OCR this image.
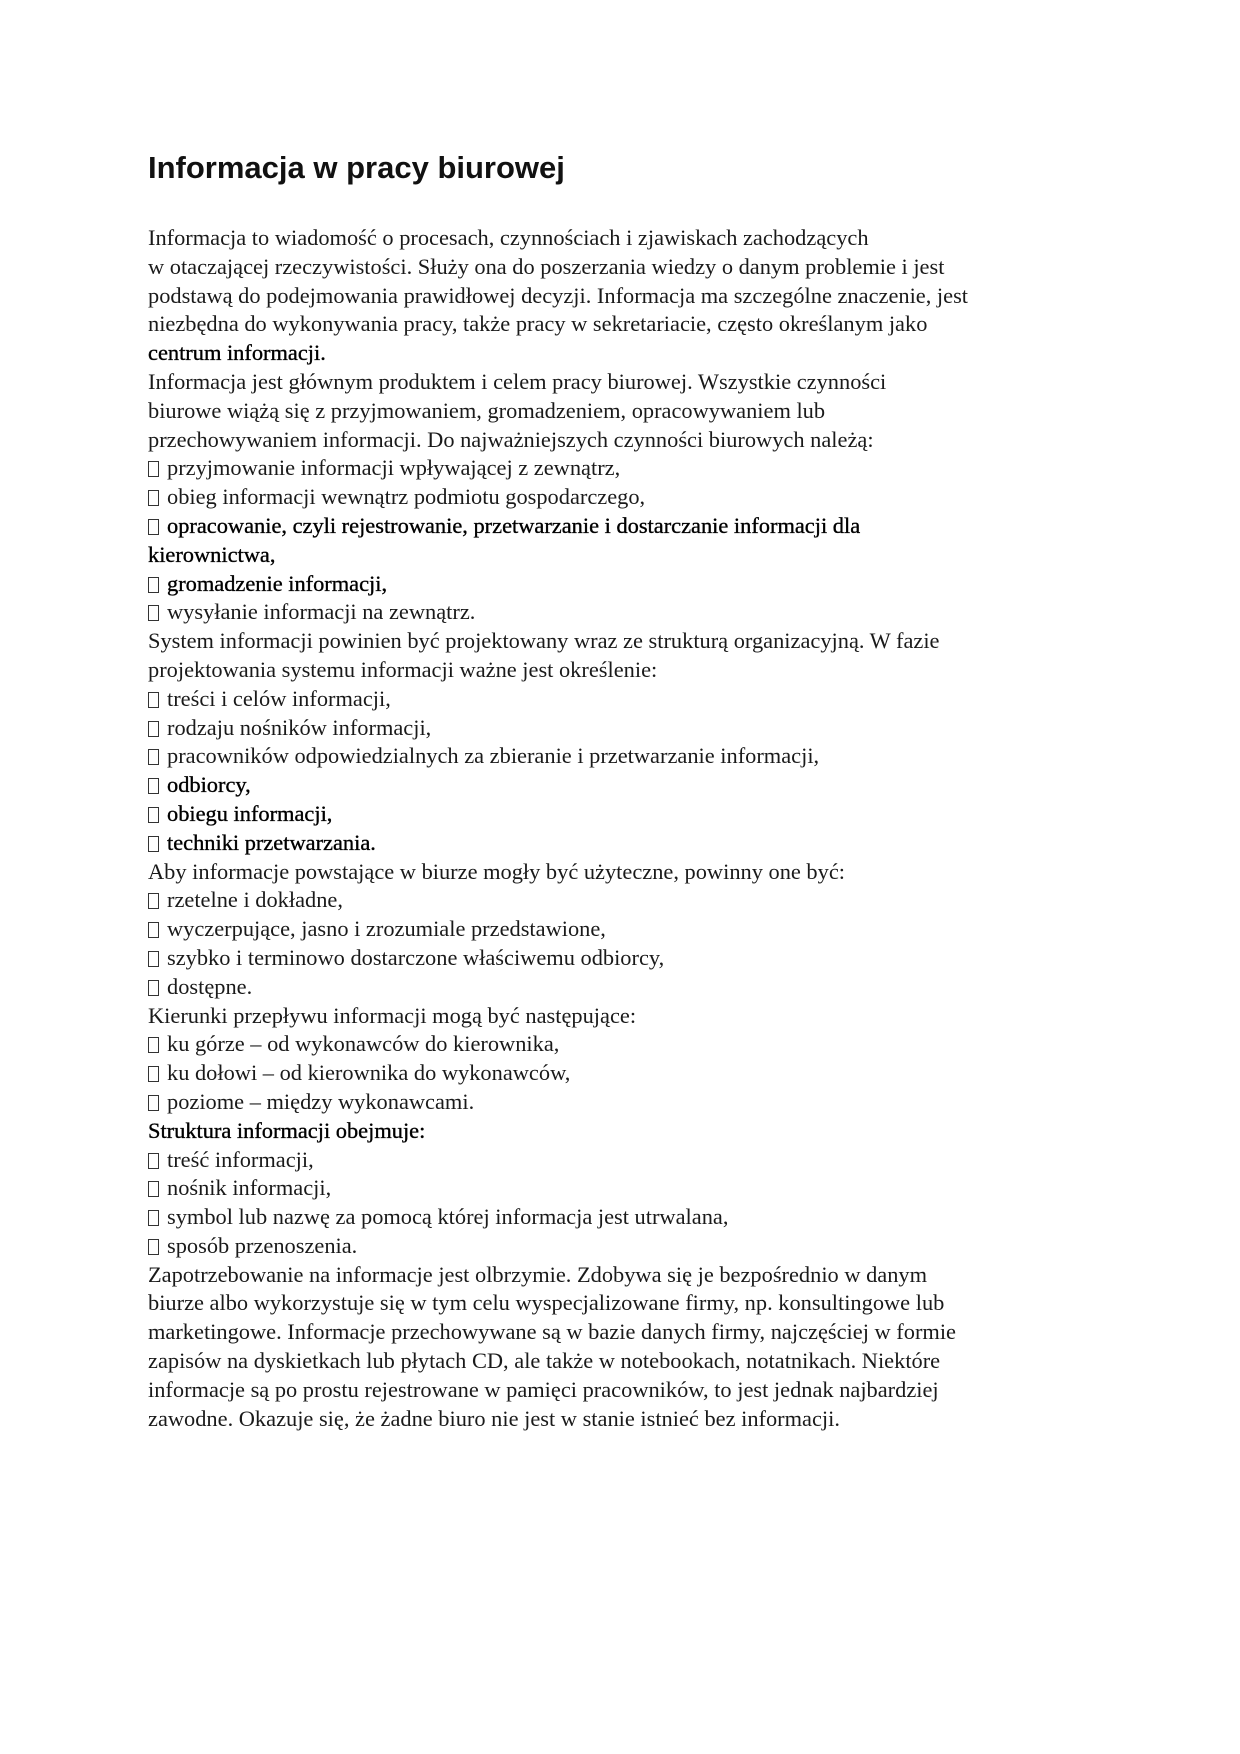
Informacja w pracy biurowej
Informacja to wiadomość o procesach, czynnościach i zjawiskach zachodzących
w otaczającej rzeczywistości. Służy ona do poszerzania wiedzy o danym problemie i jest
podstawą do podejmowania prawidłowej decyzji. Informacja ma szczególne znaczenie, jest
niezbędna do wykonywania pracy, także pracy w sekretariacie, często określanym jako
centrum informacji.
Informacja jest głównym produktem i celem pracy biurowej. Wszystkie czynności
biurowe wiążą się z przyjmowaniem, gromadzeniem, opracowywaniem lub
przechowywaniem informacji. Do najważniejszych czynności biurowych należą:
przyjmowanie informacji wpływającej z zewnątrz,
obieg informacji wewnątrz podmiotu gospodarczego,
opracowanie, czyli rejestrowanie, przetwarzanie i dostarczanie informacji dla
kierownictwa,
gromadzenie informacji,
wysyłanie informacji na zewnątrz.
System informacji powinien być projektowany wraz ze strukturą organizacyjną. W fazie
projektowania systemu informacji ważne jest określenie:
treści i celów informacji,
rodzaju nośników informacji,
pracowników odpowiedzialnych za zbieranie i przetwarzanie informacji,
odbiorcy,
obiegu informacji,
techniki przetwarzania.
Aby informacje powstające w biurze mogły być użyteczne, powinny one być:
rzetelne i dokładne,
wyczerpujące, jasno i zrozumiale przedstawione,
szybko i terminowo dostarczone właściwemu odbiorcy,
dostępne.
Kierunki przepływu informacji mogą być następujące:
ku górze – od wykonawców do kierownika,
ku dołowi – od kierownika do wykonawców,
poziome – między wykonawcami.
Struktura informacji obejmuje:
treść informacji,
nośnik informacji,
symbol lub nazwę za pomocą której informacja jest utrwalana,
sposób przenoszenia.
Zapotrzebowanie na informacje jest olbrzymie. Zdobywa się je bezpośrednio w danym
biurze albo wykorzystuje się w tym celu wyspecjalizowane firmy, np. konsultingowe lub
marketingowe. Informacje przechowywane są w bazie danych firmy, najczęściej w formie
zapisów na dyskietkach lub płytach CD, ale także w notebookach, notatnikach. Niektóre
informacje są po prostu rejestrowane w pamięci pracowników, to jest jednak najbardziej
zawodne. Okazuje się, że żadne biuro nie jest w stanie istnieć bez informacji.
